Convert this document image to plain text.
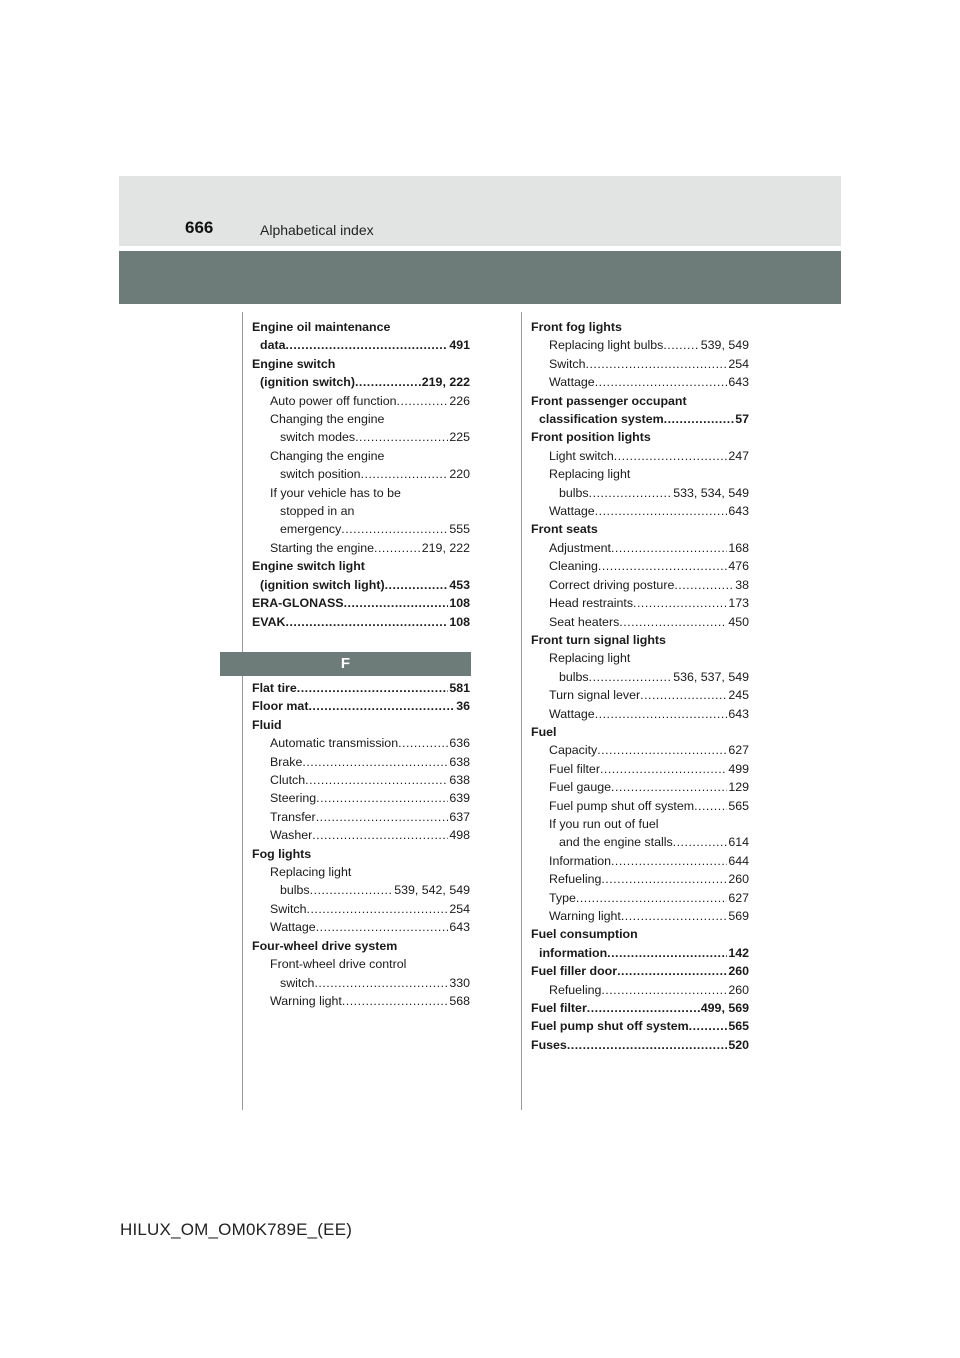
666	Alphabetical index
Engine oil maintenance
data .....	491
Engine switch
(ignition switch) .....	219, 222
Auto power off function .....	226
Changing the engine
switch modes .....	225
Changing the engine
switch position .....	220
If your vehicle has to be
stopped in an
emergency .....	555
Starting the engine .....	219, 222
Engine switch light
(ignition switch light) .....	453
ERA-GLONASS .....	108
EVAK .....	108
F
Flat tire .....	581
Floor mat .....	36
Fluid
Automatic transmission .....	636
Brake .....	638
Clutch .....	638
Steering .....	639
Transfer .....	637
Washer .....	498
Fog lights
Replacing light
bulbs .....	539, 542, 549
Switch .....	254
Wattage .....	643
Four-wheel drive system
Front-wheel drive control
switch .....	330
Warning light .....	568
Front fog lights
Replacing light bulbs .....	539, 549
Switch .....	254
Wattage .....	643
Front passenger occupant
classification system .....	57
Front position lights
Light switch .....	247
Replacing light
bulbs .....	533, 534, 549
Wattage .....	643
Front seats
Adjustment .....	168
Cleaning .....	476
Correct driving posture .....	38
Head restraints .....	173
Seat heaters .....	450
Front turn signal lights
Replacing light
bulbs .....	536, 537, 549
Turn signal lever .....	245
Wattage .....	643
Fuel
Capacity .....	627
Fuel filter .....	499
Fuel gauge .....	129
Fuel pump shut off system .....	565
If you run out of fuel
and the engine stalls .....	614
Information .....	644
Refueling .....	260
Type .....	627
Warning light .....	569
Fuel consumption
information .....	142
Fuel filler door .....	260
Refueling .....	260
Fuel filter .....	499, 569
Fuel pump shut off system .....	565
Fuses .....	520
HILUX_OM_OM0K789E_(EE)
